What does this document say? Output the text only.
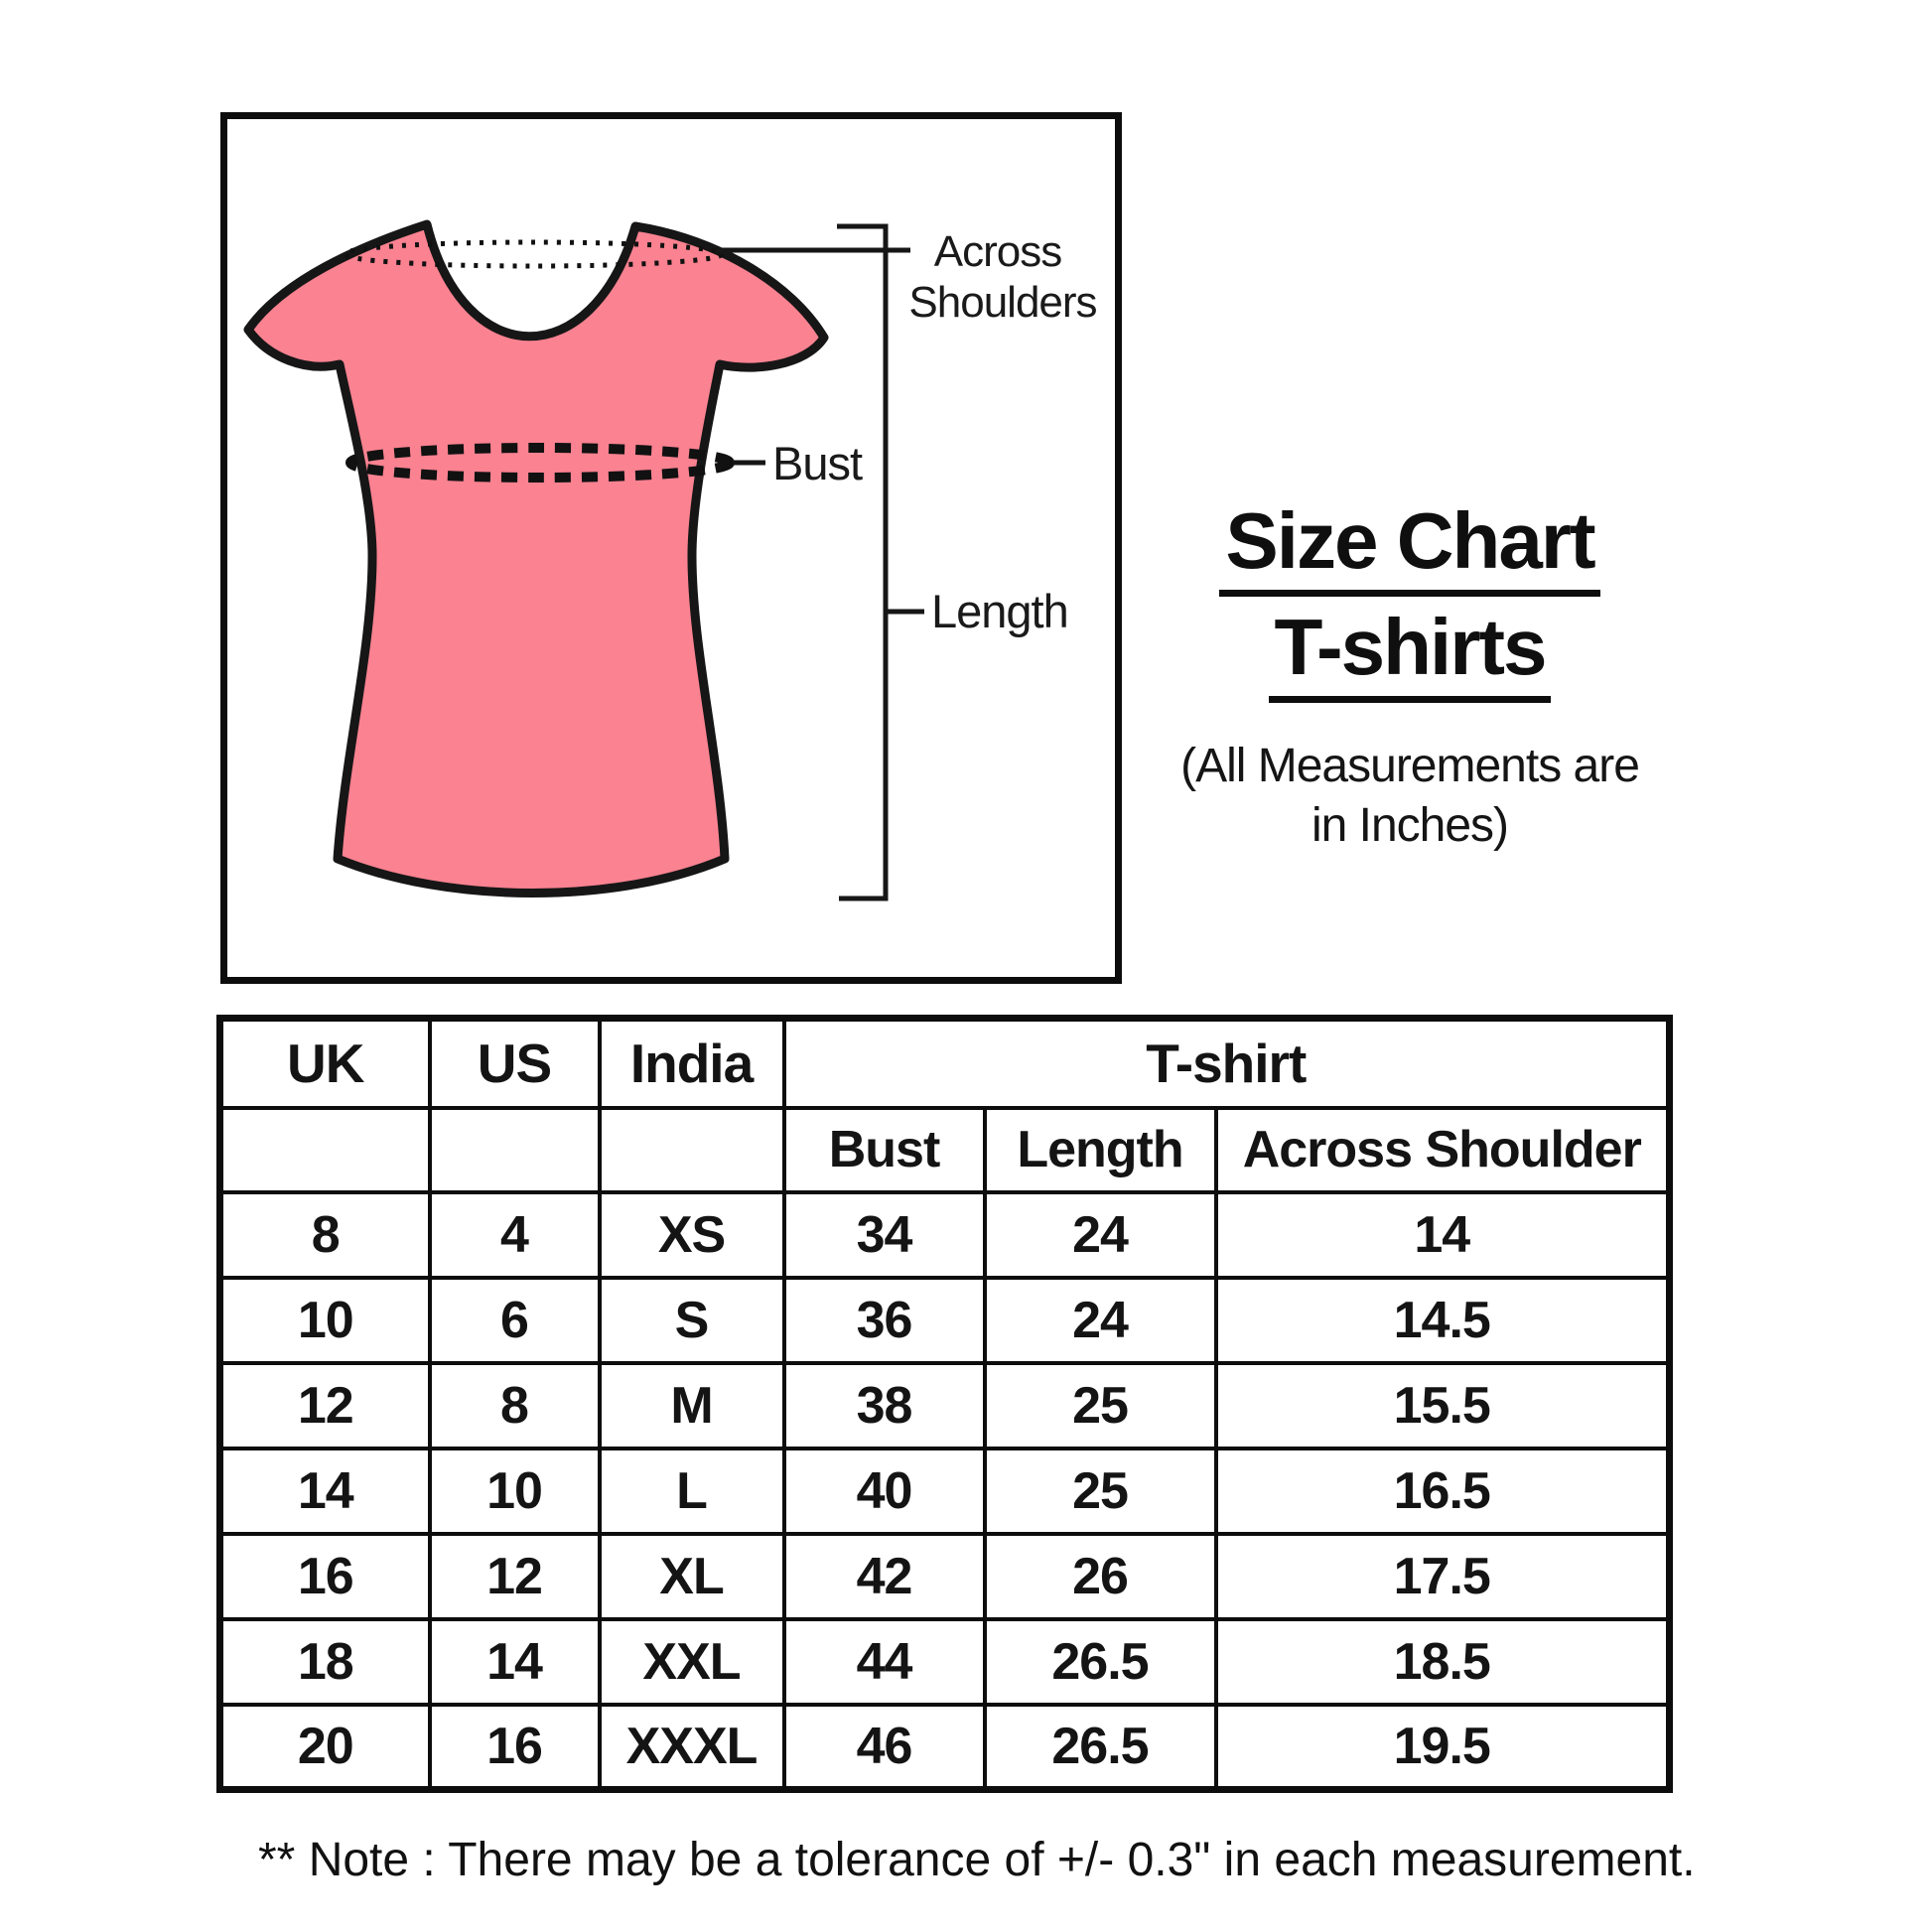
Across
Shoulders
Bust
Length
Size Chart
T-shirts
(All Measurements are
in Inches)
UK	US	India	T-shirt		
			Bust	Length	Across Shoulder
8	4	XS	34	24	14
10	6	S	36	24	14.5
12	8	M	38	25	15.5
14	10	L	40	25	16.5
16	12	XL	42	26	17.5
18	14	XXL	44	26.5	18.5
20	16	XXXL	46	26.5	19.5
** Note : There may be a tolerance of +/- 0.3" in each measurement.
